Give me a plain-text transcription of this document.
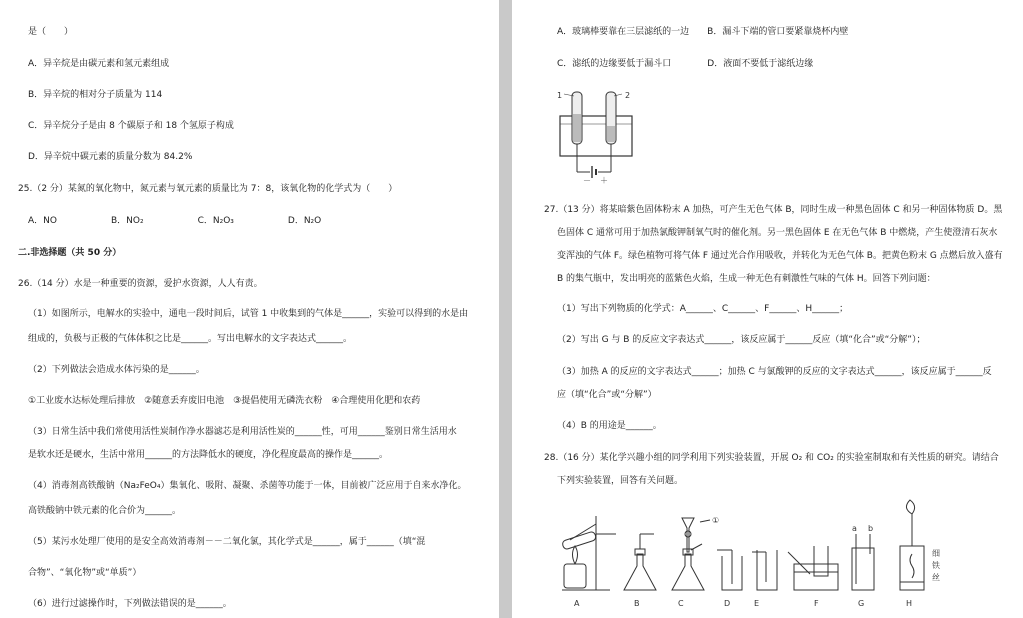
是（　　）
A．异辛烷是由碳元素和氢元素组成
B．异辛烷的相对分子质量为 114
C．异辛烷分子是由 8 个碳原子和 18 个氢原子构成
D．异辛烷中碳元素的质量分数为 84.2%
25.（2 分）某氮的氧化物中，氮元素与氧元素的质量比为 7：8，该氧化物的化学式为（　　）
A．NO　　　　　　B．NO₂　　　　　　C．N₂O₃　　　　　　D．N₂O
二.非选择题（共 50 分）
26.（14 分）水是一种重要的资源，爱护水资源，人人有责。
（1）如图所示，电解水的实验中，通电一段时间后，试管 1 中收集到的气体是______，实验可以得到的水是由
组成的，负极与正极的气体体积之比是______。写出电解水的文字表达式______。
（2）下列做法会造成水体污染的是______。
①工业废水达标处理后排放　②随意丢弃废旧电池　③提倡使用无磷洗衣粉　④合理使用化肥和农药
（3）日常生活中我们常使用活性炭制作净水器滤芯是利用活性炭的______性，可用______鉴别日常生活用水
是软水还是硬水，生活中常用______的方法降低水的硬度，净化程度最高的操作是______。
（4）消毒剂高铁酸钠（Na₂FeO₄）集氧化、吸附、凝聚、杀菌等功能于一体，目前被广泛应用于自来水净化。
高铁酸钠中铁元素的化合价为______。
（5）某污水处理厂使用的是安全高效消毒剂－－二氧化氯，其化学式是______，属于______（填“混
合物”、“氧化物”或“单质”）
（6）进行过滤操作时，下列做法错误的是______。
A．玻璃棒要靠在三层滤纸的一边　　B．漏斗下端的管口要紧靠烧杯内壁
C．滤纸的边缘要低于漏斗口　　　　D．液面不要低于滤纸边缘
1	2
－ ＋
27.（13 分）将某暗紫色固体粉末 A 加热，可产生无色气体 B，同时生成一种黑色固体 C 和另一种固体物质 D。黑
色固体 C 通常可用于加热氯酸钾制氧气时的催化剂。另一黑色固体 E 在无色气体 B 中燃烧，产生使澄清石灰水
变浑浊的气体 F。绿色植物可将气体 F 通过光合作用吸收，并转化为无色气体 B。把黄色粉末 G 点燃后放入盛有
B 的集气瓶中，发出明亮的蓝紫色火焰，生成一种无色有刺激性气味的气体 H。回答下列问题：
（1）写出下列物质的化学式：A______、C______、F______、H______；
（2）写出 G 与 B 的反应文字表达式______，该反应属于______反应（填“化合”或“分解”）；
（3）加热 A 的反应的文字表达式______；加热 C 与氯酸钾的反应的文字表达式______，该反应属于______反
应（填“化合”或“分解”）
（4）B 的用途是______。
28.（16 分）某化学兴趣小组的同学利用下列实验装置，开展 O₂ 和 CO₂ 的实验室制取和有关性质的研究。请结合
下列实验装置，回答有关问题。
A	B	C	D	E	F	G	H
①
a b
细
铁
丝
